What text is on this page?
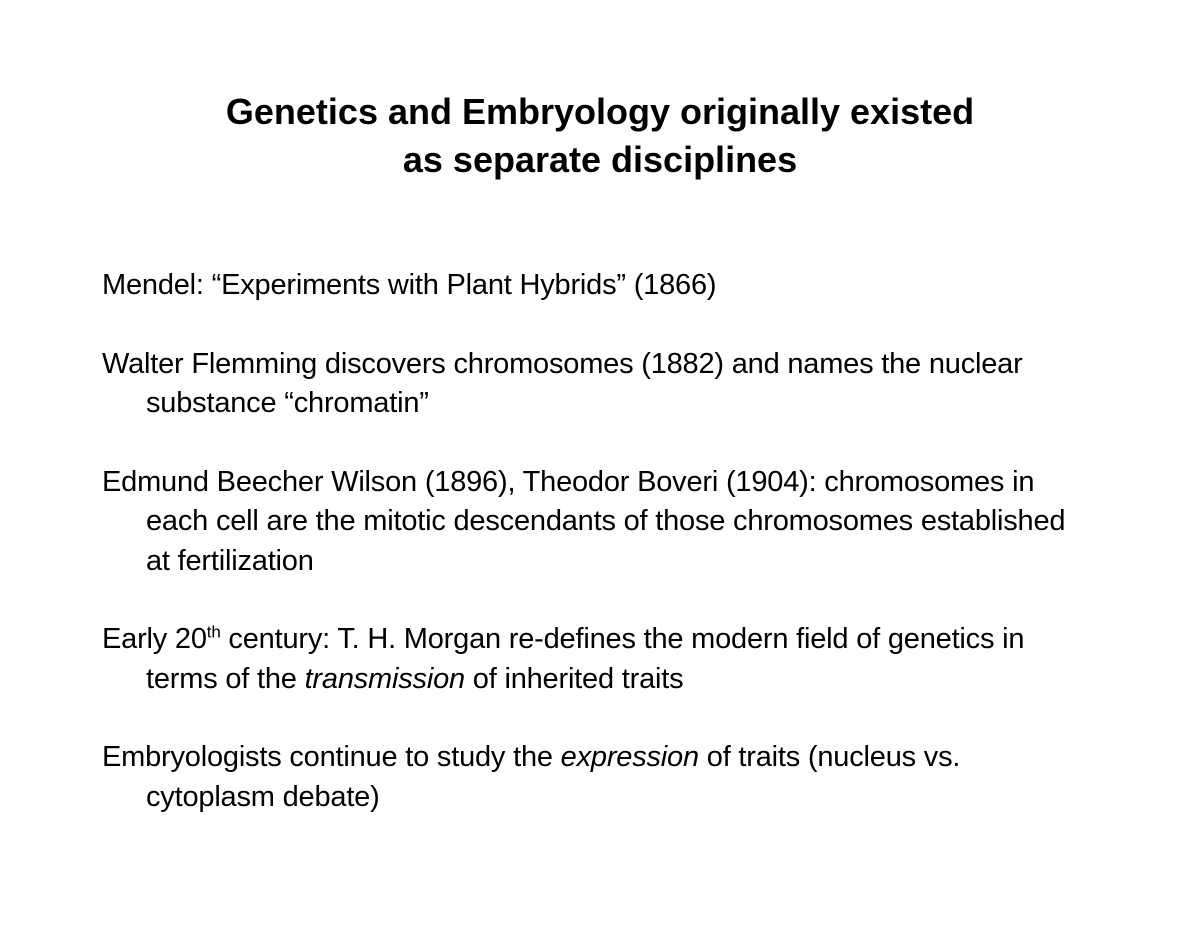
Genetics and Embryology originally existed
as separate disciplines
Mendel: “Experiments with Plant Hybrids” (1866)
Walter Flemming discovers chromosomes (1882) and names the nuclear substance “chromatin”
Edmund Beecher Wilson (1896), Theodor Boveri (1904): chromosomes in each cell are the mitotic descendants of those chromosomes established at fertilization
Early 20th century: T. H. Morgan re-defines the modern field of genetics in terms of the transmission of inherited traits
Embryologists continue to study the expression of traits (nucleus vs. cytoplasm debate)
